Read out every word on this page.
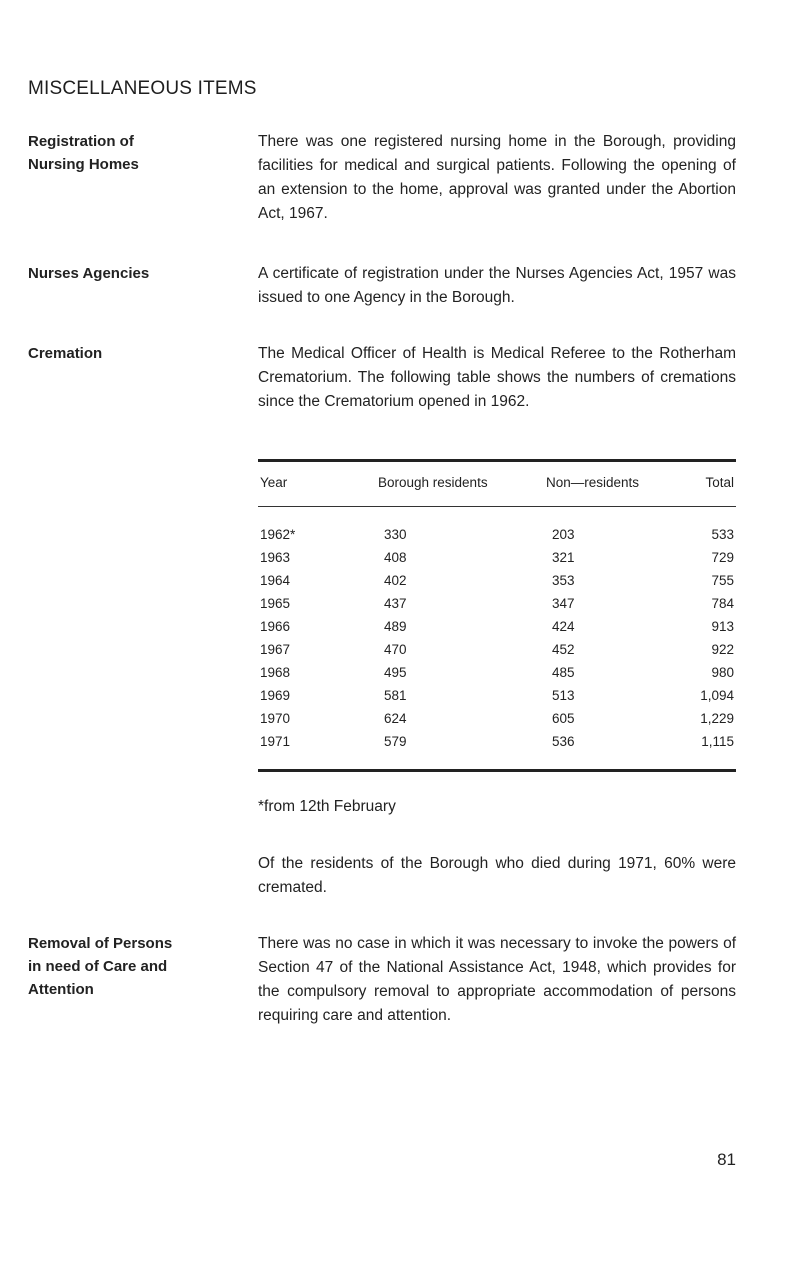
MISCELLANEOUS ITEMS
Registration of
Nursing Homes
There was one registered nursing home in the Borough, providing facilities for medical and surgical patients. Following the opening of an extension to the home, approval was granted under the Abortion Act, 1967.
Nurses Agencies	A certificate of registration under the Nurses Agencies Act, 1957 was issued to one Agency in the Borough.
Cremation	The Medical Officer of Health is Medical Referee to the Rotherham Crematorium. The following table shows the numbers of cremations since the Crematorium opened in 1962.
Year	Borough residents	Non—residents	Total
1962*	330	203	533
1963	408	321	729
1964	402	353	755
1965	437	347	784
1966	489	424	913
1967	470	452	922
1968	495	485	980
1969	581	513	1,094
1970	624	605	1,229
1971	579	536	1,115
*from 12th February
Of the residents of the Borough who died during 1971, 60% were cremated.
Removal of Persons
in need of Care and
Attention
There was no case in which it was necessary to invoke the powers of Section 47 of the National Assistance Act, 1948, which provides for the compulsory removal to appropriate accommodation of persons requiring care and attention.
81
